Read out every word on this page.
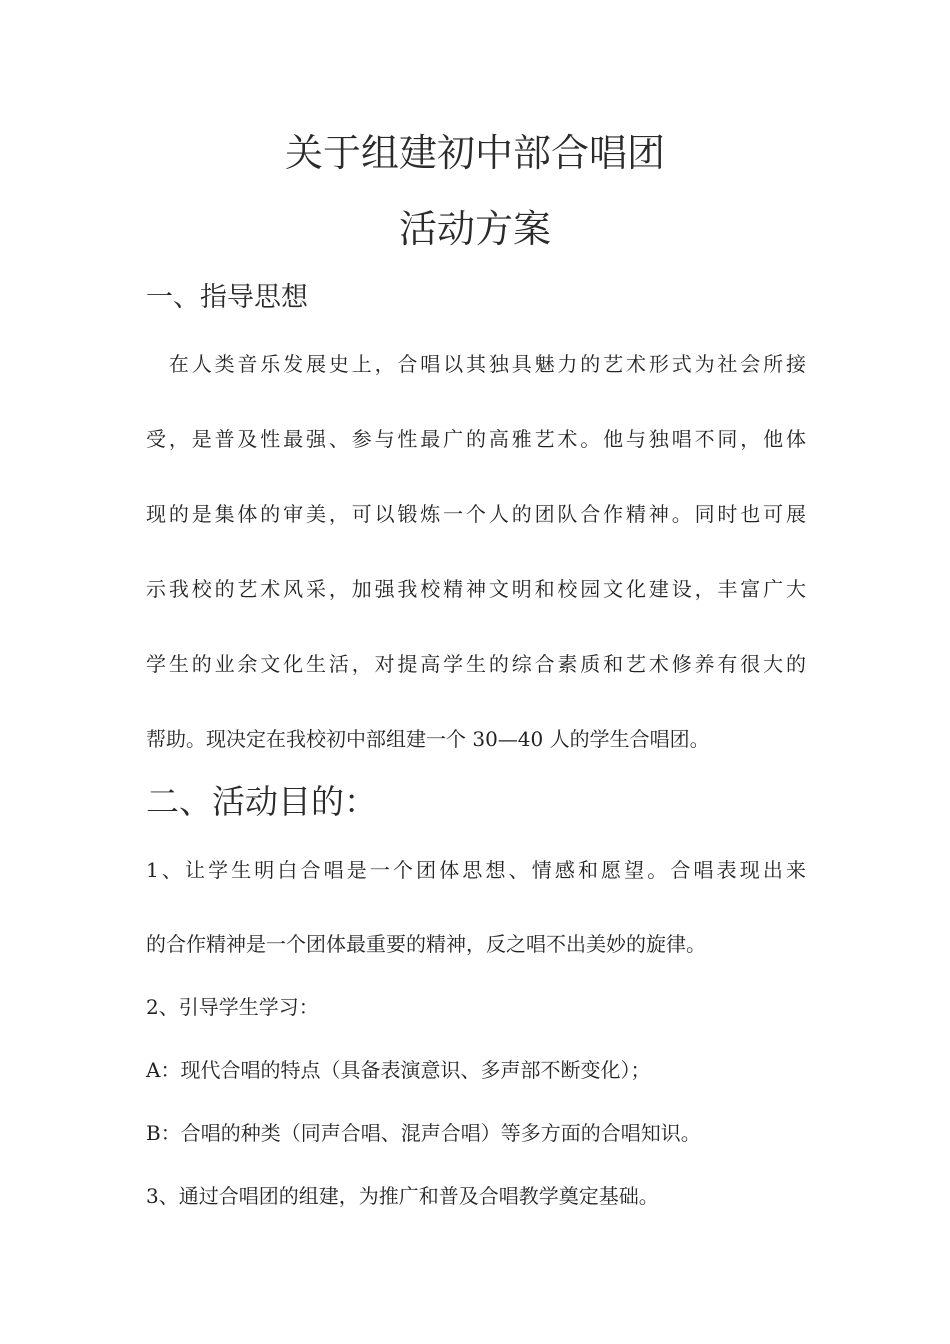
关于组建初中部合唱团
活动方案
一、指导思想

　在人类音乐发展史上，合唱以其独具魅力的艺术形式为社会所接

受，是普及性最强、参与性最广的高雅艺术。他与独唱不同，他体

现的是集体的审美，可以锻炼一个人的团队合作精神。同时也可展

示我校的艺术风采，加强我校精神文明和校园文化建设，丰富广大

学生的业余文化生活，对提高学生的综合素质和艺术修养有很大的

帮助。现决定在我校初中部组建一个 30—40 人的学生合唱团。

二、活动目的：

1、让学生明白合唱是一个团体思想、情感和愿望。合唱表现出来

的合作精神是一个团体最重要的精神，反之唱不出美妙的旋律。

2、引导学生学习：

A：现代合唱的特点（具备表演意识、多声部不断变化）；

B：合唱的种类（同声合唱、混声合唱）等多方面的合唱知识。

3、通过合唱团的组建，为推广和普及合唱教学奠定基础。
